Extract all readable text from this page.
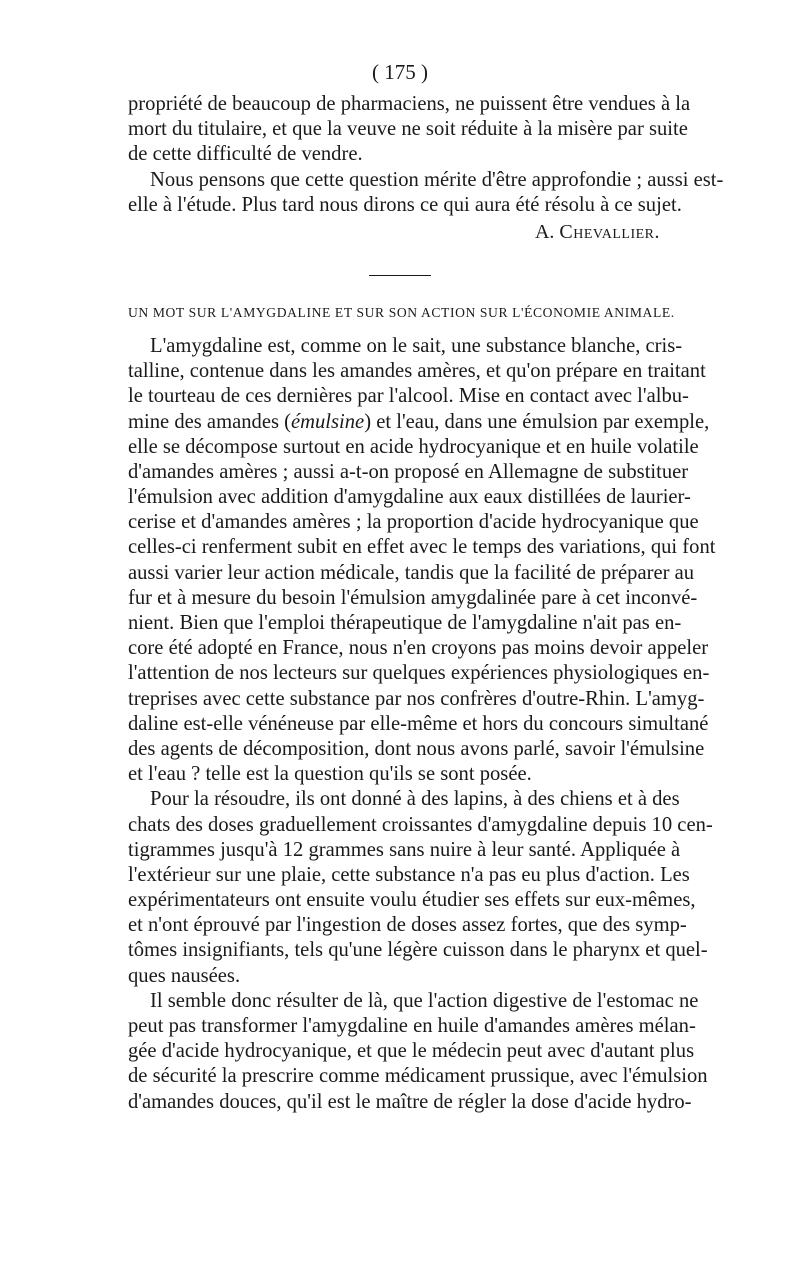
( 175 )
propriété de beaucoup de pharmaciens, ne puissent être vendues à la
mort du titulaire, et que la veuve ne soit réduite à la misère par suite
de cette difficulté de vendre.
Nous pensons que cette question mérite d'être approfondie ; aussi est-
elle à l'étude. Plus tard nous dirons ce qui aura été résolu à ce sujet.
A. Chevallier.
UN MOT SUR L'AMYGDALINE ET SUR SON ACTION SUR L'ÉCONOMIE ANIMALE.
L'amygdaline est, comme on le sait, une substance blanche, cris-
talline, contenue dans les amandes amères, et qu'on prépare en traitant
le tourteau de ces dernières par l'alcool. Mise en contact avec l'albu-
mine des amandes (émulsine) et l'eau, dans une émulsion par exemple,
elle se décompose surtout en acide hydrocyanique et en huile volatile
d'amandes amères ; aussi a-t-on proposé en Allemagne de substituer
l'émulsion avec addition d'amygdaline aux eaux distillées de laurier-
cerise et d'amandes amères ; la proportion d'acide hydrocyanique que
celles-ci renferment subit en effet avec le temps des variations, qui font
aussi varier leur action médicale, tandis que la facilité de préparer au
fur et à mesure du besoin l'émulsion amygdalinée pare à cet inconvé-
nient. Bien que l'emploi thérapeutique de l'amygdaline n'ait pas en-
core été adopté en France, nous n'en croyons pas moins devoir appeler
l'attention de nos lecteurs sur quelques expériences physiologiques en-
treprises avec cette substance par nos confrères d'outre-Rhin. L'amyg-
daline est-elle vénéneuse par elle-même et hors du concours simultané
des agents de décomposition, dont nous avons parlé, savoir l'émulsine
et l'eau ? telle est la question qu'ils se sont posée.
Pour la résoudre, ils ont donné à des lapins, à des chiens et à des
chats des doses graduellement croissantes d'amygdaline depuis 10 cen-
tigrammes jusqu'à 12 grammes sans nuire à leur santé. Appliquée à
l'extérieur sur une plaie, cette substance n'a pas eu plus d'action. Les
expérimentateurs ont ensuite voulu étudier ses effets sur eux-mêmes,
et n'ont éprouvé par l'ingestion de doses assez fortes, que des symp-
tômes insignifiants, tels qu'une légère cuisson dans le pharynx et quel-
ques nausées.
Il semble donc résulter de là, que l'action digestive de l'estomac ne
peut pas transformer l'amygdaline en huile d'amandes amères mélan-
gée d'acide hydrocyanique, et que le médecin peut avec d'autant plus
de sécurité la prescrire comme médicament prussique, avec l'émulsion
d'amandes douces, qu'il est le maître de régler la dose d'acide hydro-
